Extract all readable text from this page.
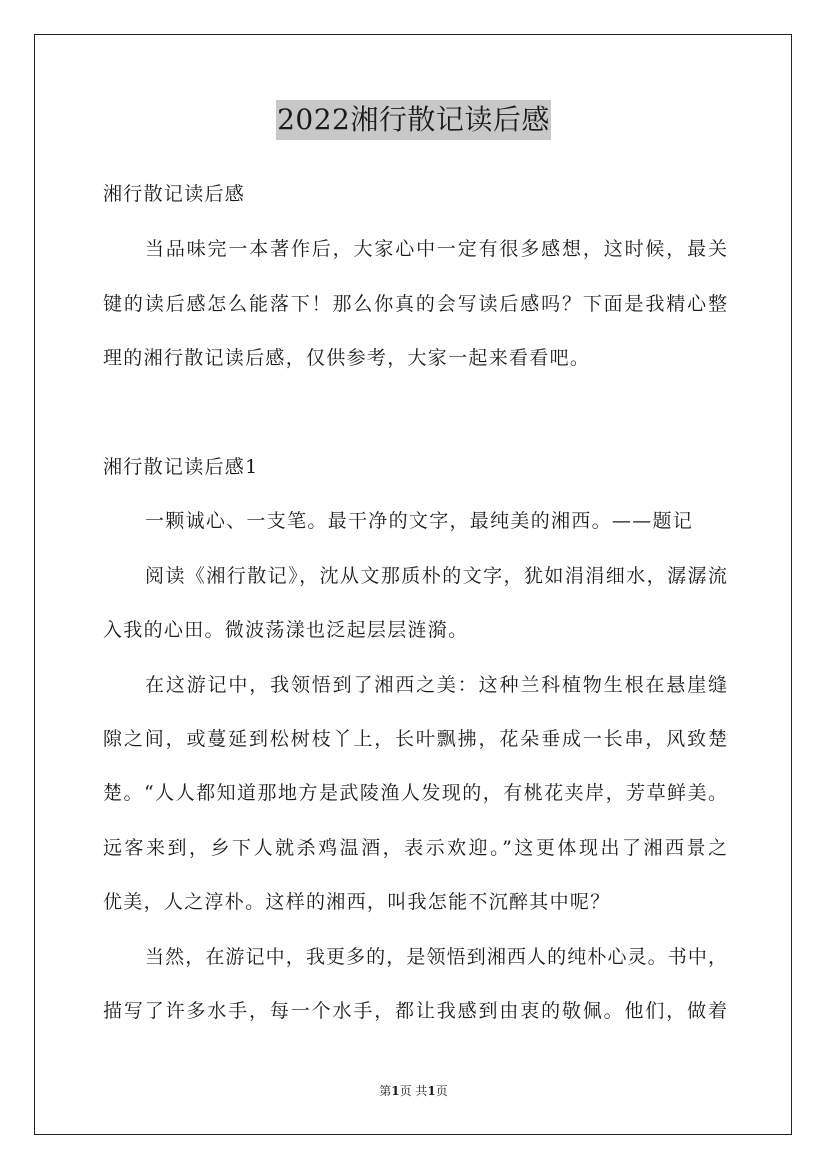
2022湘行散记读后感
湘行散记读后感
当品味完一本著作后，大家心中一定有很多感想，这时候，最关
键的读后感怎么能落下！那么你真的会写读后感吗？下面是我精心整
理的湘行散记读后感，仅供参考，大家一起来看看吧。
湘行散记读后感1
一颗诚心、一支笔。最干净的文字，最纯美的湘西。——题记
阅读《湘行散记》，沈从文那质朴的文字，犹如涓涓细水，潺潺流
入我的心田。微波荡漾也泛起层层涟漪。
在这游记中，我领悟到了湘西之美：这种兰科植物生根在悬崖缝
隙之间，或蔓延到松树枝丫上，长叶飘拂，花朵垂成一长串，风致楚
楚。“人人都知道那地方是武陵渔人发现的，有桃花夹岸，芳草鲜美。
远客来到，乡下人就杀鸡温酒，表示欢迎。”这更体现出了湘西景之
优美，人之淳朴。这样的湘西，叫我怎能不沉醉其中呢？
当然，在游记中，我更多的，是领悟到湘西人的纯朴心灵。书中，
描写了许多水手，每一个水手，都让我感到由衷的敬佩。他们，做着
第1页 共1页
